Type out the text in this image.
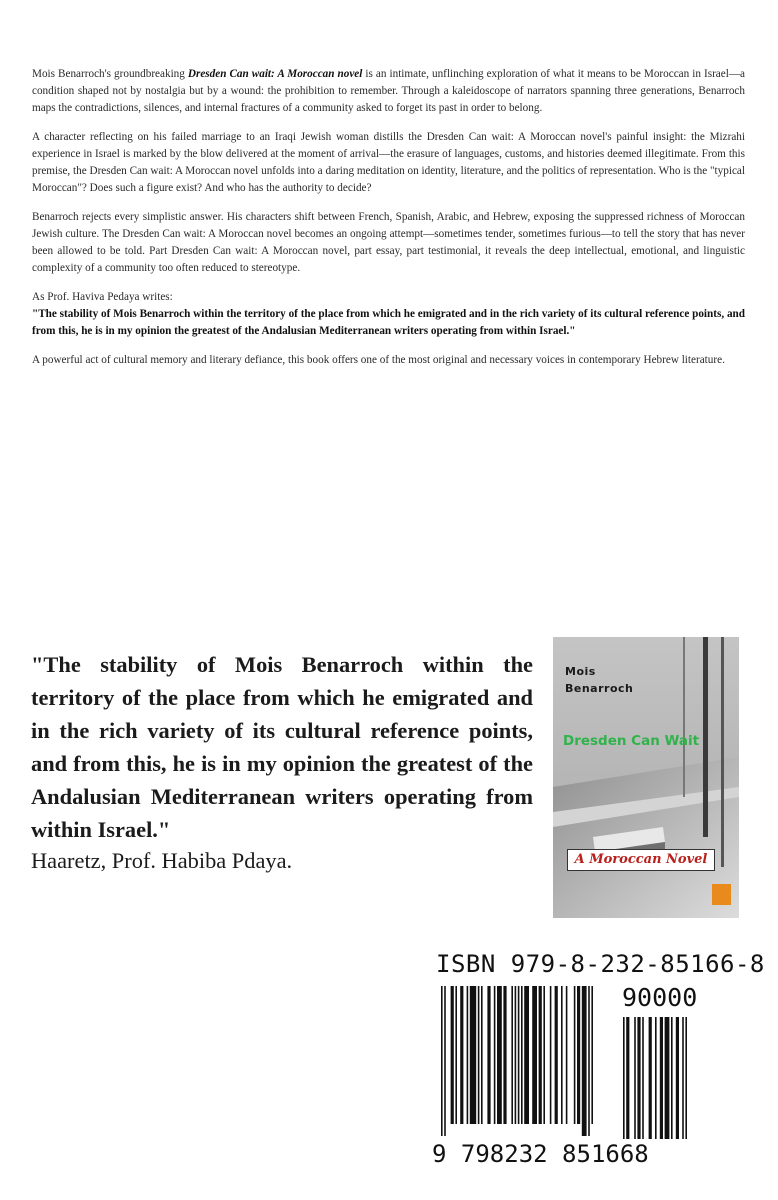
Mois Benarroch's groundbreaking Dresden Can wait: A Moroccan novel is an intimate, unflinching exploration of what it means to be Moroccan in Israel—a condition shaped not by nostalgia but by a wound: the prohibition to remember. Through a kaleidoscope of narrators spanning three generations, Benarroch maps the contradictions, silences, and internal fractures of a community asked to forget its past in order to belong.

A character reflecting on his failed marriage to an Iraqi Jewish woman distills the Dresden Can wait: A Moroccan novel's painful insight: the Mizrahi experience in Israel is marked by the blow delivered at the moment of arrival—the erasure of languages, customs, and histories deemed illegitimate. From this premise, the Dresden Can wait: A Moroccan novel unfolds into a daring meditation on identity, literature, and the politics of representation. Who is the "typical Moroccan"? Does such a figure exist? And who has the authority to decide?

Benarroch rejects every simplistic answer. His characters shift between French, Spanish, Arabic, and Hebrew, exposing the suppressed richness of Moroccan Jewish culture. The Dresden Can wait: A Moroccan novel becomes an ongoing attempt—sometimes tender, sometimes furious—to tell the story that has never been allowed to be told. Part Dresden Can wait: A Moroccan novel, part essay, part testimonial, it reveals the deep intellectual, emotional, and linguistic complexity of a community too often reduced to stereotype.

As Prof. Haviva Pedaya writes:
"The stability of Mois Benarroch within the territory of the place from which he emigrated and in the rich variety of its cultural reference points, and from this, he is in my opinion the greatest of the Andalusian Mediterranean writers operating from within Israel."

A powerful act of cultural memory and literary defiance, this book offers one of the most original and necessary voices in contemporary Hebrew literature.

"The stability of Mois Benarroch within the territory of the place from which he emigrated and in the rich variety of its cultural reference points, and from this, he is in my opinion the greatest of the Andalusian Mediterranean writers operating from within Israel."
Haaretz, Prof. Habiba Pdaya.
Mois
Benarroch
Dresden Can Wait
A Moroccan Novel
ISBN 979-8-232-85166-8
90000
9 798232 851668
